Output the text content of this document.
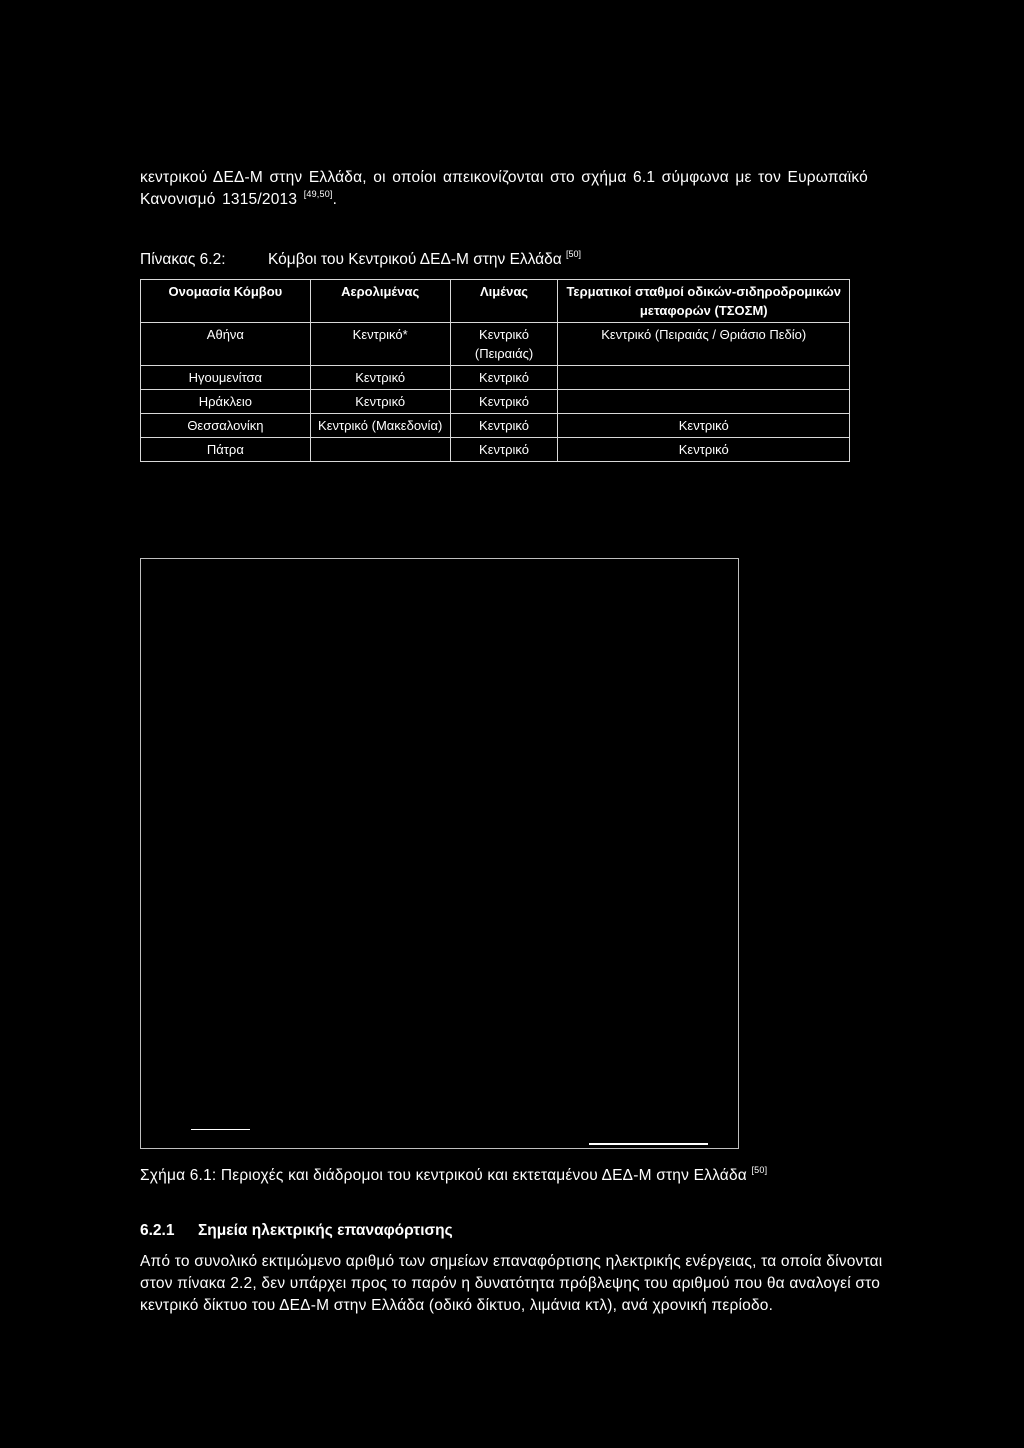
κεντρικού ΔΕΔ-Μ στην Ελλάδα, οι οποίοι απεικονίζονται στο σχήμα 6.1 σύμφωνα με τον Ευρωπαϊκό Κανονισμό 1315/2013 [49,50].
Πίνακας 6.2:	Κόμβοι του Κεντρικού ΔΕΔ-Μ στην Ελλάδα [50]
Ονομασία Κόμβου	Αερολιμένας	Λιμένας	Τερματικοί σταθμοί οδικών-σιδηροδρομικών μεταφορών (ΤΣΟΣΜ)
Αθήνα	Κεντρικό*	Κεντρικό (Πειραιάς)	Κεντρικό (Πειραιάς / Θριάσιο Πεδίο)
Ηγουμενίτσα	Κεντρικό	Κεντρικό	
Ηράκλειο	Κεντρικό	Κεντρικό	
Θεσσαλονίκη	Κεντρικό (Μακεδονία)	Κεντρικό	Κεντρικό
Πάτρα		Κεντρικό	Κεντρικό
Σχήμα 6.1: Περιοχές και διάδρομοι του κεντρικού και εκτεταμένου ΔΕΔ-Μ στην Ελλάδα [50]
6.2.1 Σημεία ηλεκτρικής επαναφόρτισης
Από το συνολικό εκτιμώμενο αριθμό των σημείων επαναφόρτισης ηλεκτρικής ενέργειας, τα οποία δίνονται στον πίνακα 2.2, δεν υπάρχει προς το παρόν η δυνατότητα πρόβλεψης του αριθμού που θα αναλογεί στο κεντρικό δίκτυο του ΔΕΔ-Μ στην Ελλάδα (οδικό δίκτυο, λιμάνια κτλ), ανά χρονική περίοδο.
